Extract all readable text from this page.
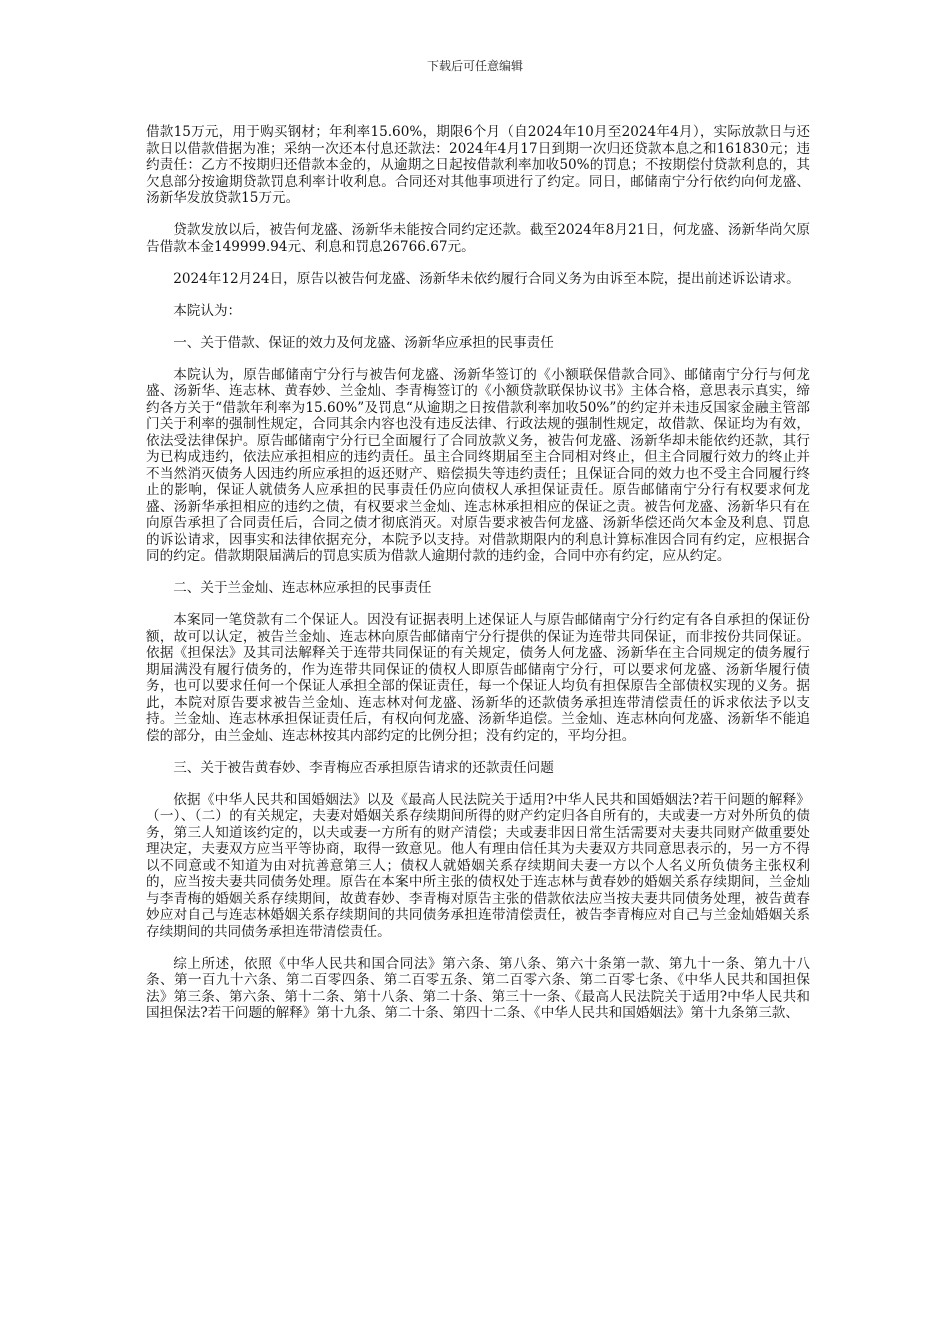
下载后可任意编辑

借款15万元，用于购买钢材；年利率15.60%，期限6个月（自2024年10月至2024年4月），实际放款日与还款日以借款借据为准；采纳一次还本付息还款法：2024年4月17日到期一次归还贷款本息之和161830元；违约责任：乙方不按期归还借款本金的，从逾期之日起按借款利率加收50%的罚息；不按期偿付贷款利息的，其欠息部分按逾期贷款罚息利率计收利息。合同还对其他事项进行了约定。同日，邮储南宁分行依约向何龙盛、汤新华发放贷款15万元。

贷款发放以后，被告何龙盛、汤新华未能按合同约定还款。截至2024年8月21日，何龙盛、汤新华尚欠原告借款本金149999.94元、利息和罚息26766.67元。

2024年12月24日，原告以被告何龙盛、汤新华未依约履行合同义务为由诉至本院，提出前述诉讼请求。

本院认为：

一、关于借款、保证的效力及何龙盛、汤新华应承担的民事责任

本院认为，原告邮储南宁分行与被告何龙盛、汤新华签订的《小额联保借款合同》、邮储南宁分行与何龙盛、汤新华、连志林、黄春妙、兰金灿、李青梅签订的《小额贷款联保协议书》主体合格，意思表示真实，缔约各方关于“借款年利率为15.60%”及罚息“从逾期之日按借款利率加收50%”的约定并未违反国家金融主管部门关于利率的强制性规定，合同其余内容也没有违反法律、行政法规的强制性规定，故借款、保证均为有效，依法受法律保护。原告邮储南宁分行已全面履行了合同放款义务，被告何龙盛、汤新华却未能依约还款，其行为已构成违约，依法应承担相应的违约责任。虽主合同终期届至主合同相对终止，但主合同履行效力的终止并不当然消灭债务人因违约所应承担的返还财产、赔偿损失等违约责任；且保证合同的效力也不受主合同履行终止的影响，保证人就债务人应承担的民事责任仍应向债权人承担保证责任。原告邮储南宁分行有权要求何龙盛、汤新华承担相应的违约之债，有权要求兰金灿、连志林承担相应的保证之责。被告何龙盛、汤新华只有在向原告承担了合同责任后，合同之债才彻底消灭。对原告要求被告何龙盛、汤新华偿还尚欠本金及利息、罚息的诉讼请求，因事实和法律依据充分，本院予以支持。对借款期限内的利息计算标准因合同有约定，应根据合同的约定。借款期限届满后的罚息实质为借款人逾期付款的违约金，合同中亦有约定，应从约定。

二、关于兰金灿、连志林应承担的民事责任

本案同一笔贷款有二个保证人。因没有证据表明上述保证人与原告邮储南宁分行约定有各自承担的保证份额，故可以认定，被告兰金灿、连志林向原告邮储南宁分行提供的保证为连带共同保证，而非按份共同保证。依据《担保法》及其司法解释关于连带共同保证的有关规定，债务人何龙盛、汤新华在主合同规定的债务履行期届满没有履行债务的，作为连带共同保证的债权人即原告邮储南宁分行，可以要求何龙盛、汤新华履行债务，也可以要求任何一个保证人承担全部的保证责任，每一个保证人均负有担保原告全部债权实现的义务。据此，本院对原告要求被告兰金灿、连志林对何龙盛、汤新华的还款债务承担连带清偿责任的诉求依法予以支持。兰金灿、连志林承担保证责任后，有权向何龙盛、汤新华追偿。兰金灿、连志林向何龙盛、汤新华不能追偿的部分，由兰金灿、连志林按其内部约定的比例分担；没有约定的，平均分担。

三、关于被告黄春妙、李青梅应否承担原告请求的还款责任问题

依据《中华人民共和国婚姻法》以及《最高人民法院关于适用?中华人民共和国婚姻法?若干问题的解释》（一）、（二）的有关规定，夫妻对婚姻关系存续期间所得的财产约定归各自所有的，夫或妻一方对外所负的债务，第三人知道该约定的，以夫或妻一方所有的财产清偿；夫或妻非因日常生活需要对夫妻共同财产做重要处理决定，夫妻双方应当平等协商，取得一致意见。他人有理由信任其为夫妻双方共同意思表示的，另一方不得以不同意或不知道为由对抗善意第三人；债权人就婚姻关系存续期间夫妻一方以个人名义所负债务主张权利的，应当按夫妻共同债务处理。原告在本案中所主张的债权处于连志林与黄春妙的婚姻关系存续期间，兰金灿与李青梅的婚姻关系存续期间，故黄春妙、李青梅对原告主张的借款依法应当按夫妻共同债务处理，被告黄春妙应对自己与连志林婚姻关系存续期间的共同债务承担连带清偿责任，被告李青梅应对自己与兰金灿婚姻关系存续期间的共同债务承担连带清偿责任。

综上所述，依照《中华人民共和国合同法》第六条、第八条、第六十条第一款、第九十一条、第九十八条、第一百九十六条、第二百零四条、第二百零五条、第二百零六条、第二百零七条、《中华人民共和国担保法》第三条、第六条、第十二条、第十八条、第二十条、第三十一条、《最高人民法院关于适用?中华人民共和国担保法?若干问题的解释》第十九条、第二十条、第四十二条、《中华人民共和国婚姻法》第十九条第三款、
